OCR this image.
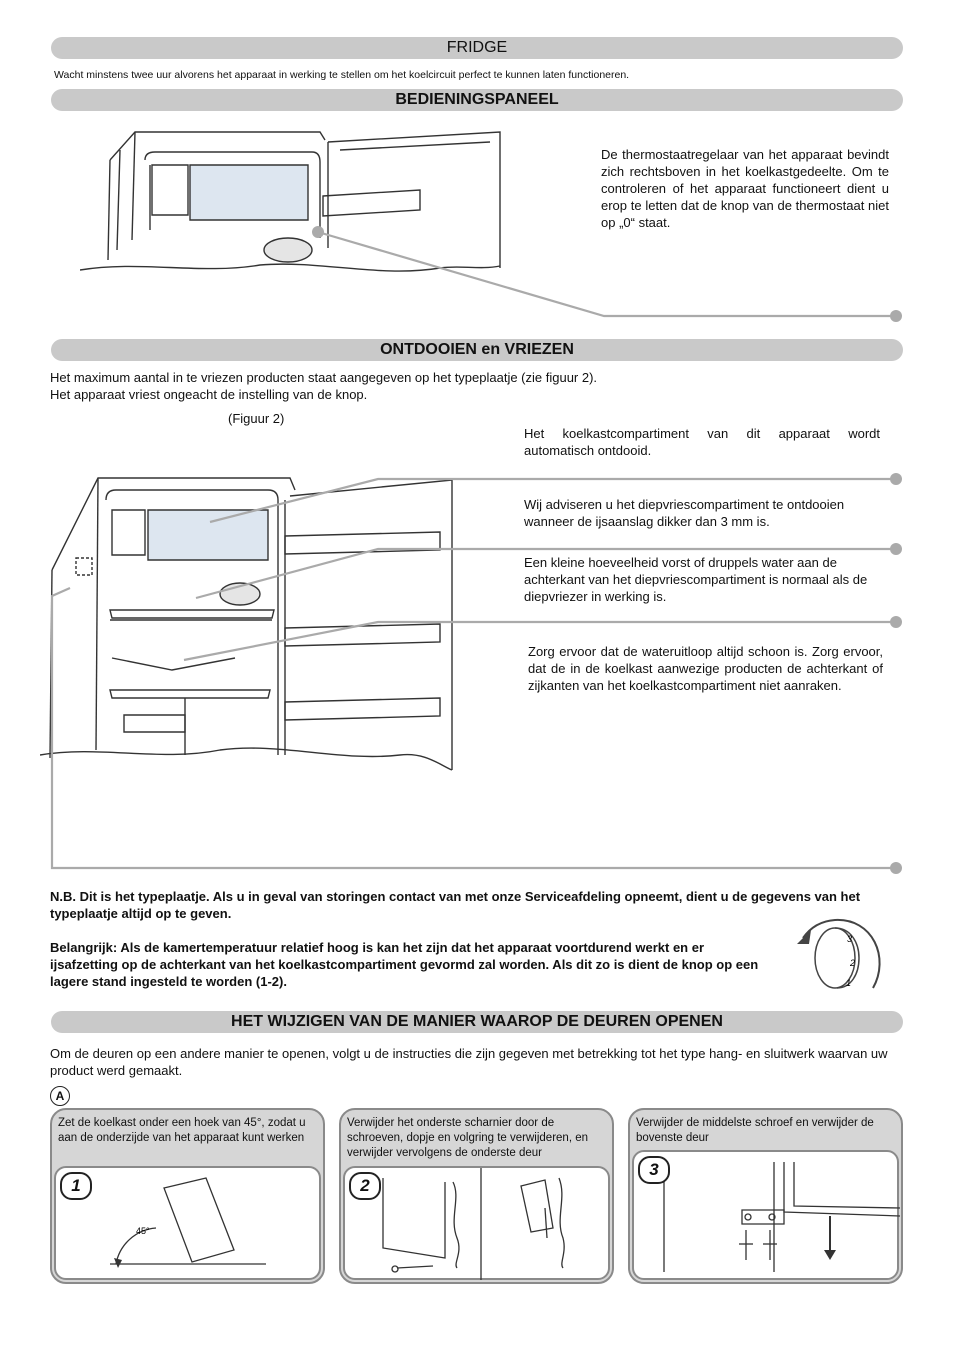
FRIDGE
Wacht minstens twee uur alvorens het apparaat in werking te stellen om het koelcircuit perfect te kunnen laten functioneren.
BEDIENINGSPANEEL
De thermostaatregelaar van het apparaat bevindt zich rechtsboven in het koelkastgedeelte. Om te controleren of het apparaat functioneert dient u erop te letten dat de knop van de thermostaat niet op „0“ staat.
ONTDOOIEN en VRIEZEN
Het maximum aantal in te vriezen producten staat aangegeven op het typeplaatje (zie figuur 2).
Het apparaat vriest ongeacht de instelling van de knop.
(Figuur 2)
Het koelkastcompartiment van dit apparaat wordt automatisch ontdooid.
Wij adviseren u het diepvriescompartiment te ontdooien wanneer de ijsaanslag dikker dan 3 mm is.
Een kleine hoeveelheid vorst of druppels water aan de achterkant van het diepvriescompartiment is normaal als de diepvriezer in werking is.
Zorg ervoor dat de wateruitloop altijd schoon is. Zorg ervoor, dat de in de koelkast aanwezige producten de achterkant of zijkanten van het koelkastcompartiment niet aanraken.
N.B. Dit is het typeplaatje. Als u in geval van storingen contact van met onze Serviceafdeling opneemt, dient u de gegevens van het typeplaatje altijd op te geven.
Belangrijk: Als de kamertemperatuur relatief hoog is kan het zijn dat het apparaat voortdurend werkt en er ijsafzetting op de achterkant van het koelkastcompartiment gevormd zal worden. Als dit zo is dient de knop op een lagere stand ingesteld te worden (1-2).
3
2
1
HET WIJZIGEN VAN DE MANIER WAAROP DE DEUREN OPENEN
Om de deuren op een andere manier te openen, volgt u de instructies die zijn gegeven met betrekking tot het type hang- en sluitwerk waarvan uw product werd gemaakt.
A
Zet de koelkast onder een hoek van 45°, zodat u aan de onderzijde van het apparaat kunt werken
45°
1
Verwijder het onderste scharnier door de schroeven, dopje en volgring te verwijderen, en verwijder vervolgens de onderste deur
2
Verwijder de middelste schroef en verwijder de bovenste deur
3
